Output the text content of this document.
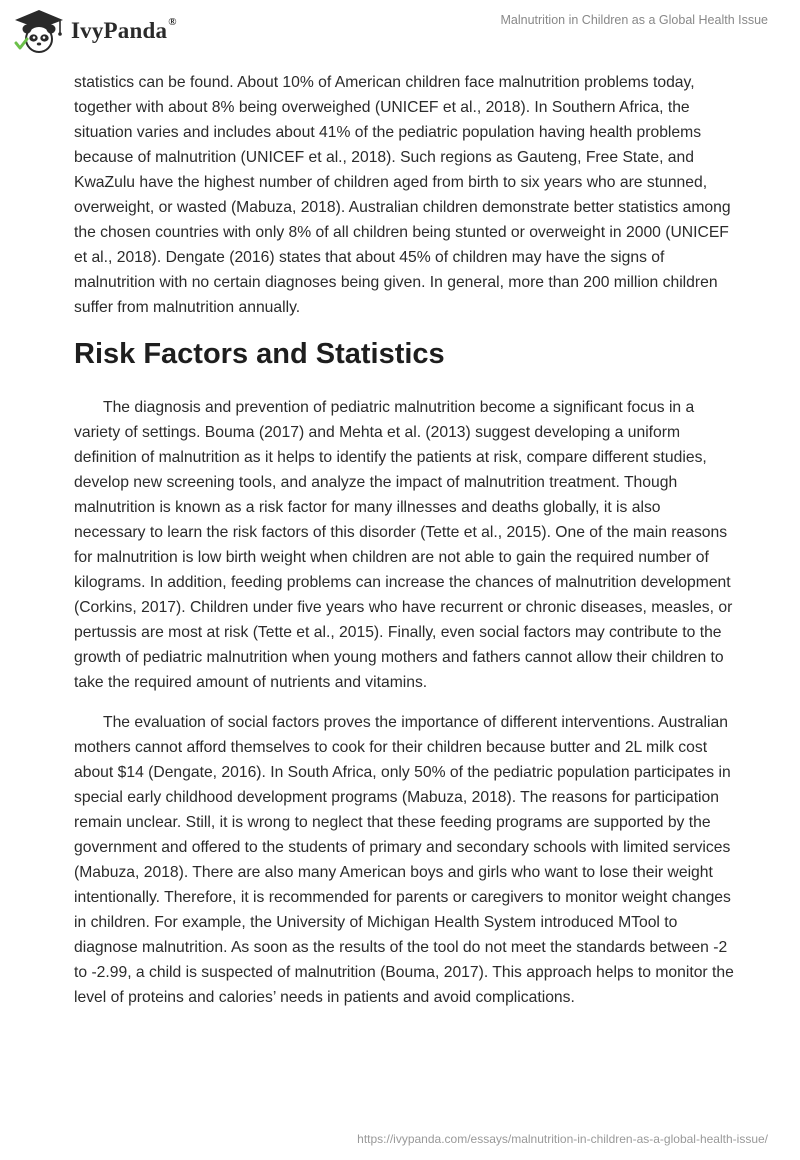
IvyPanda®	Malnutrition in Children as a Global Health Issue

statistics can be found. About 10% of American children face malnutrition problems today, together with about 8% being overweighed (UNICEF et al., 2018). In Southern Africa, the situation varies and includes about 41% of the pediatric population having health problems because of malnutrition (UNICEF et al., 2018). Such regions as Gauteng, Free State, and KwaZulu have the highest number of children aged from birth to six years who are stunned, overweight, or wasted (Mabuza, 2018). Australian children demonstrate better statistics among the chosen countries with only 8% of all children being stunted or overweight in 2000 (UNICEF et al., 2018). Dengate (2016) states that about 45% of children may have the signs of malnutrition with no certain diagnoses being given. In general, more than 200 million children suffer from malnutrition annually.

Risk Factors and Statistics

The diagnosis and prevention of pediatric malnutrition become a significant focus in a variety of settings. Bouma (2017) and Mehta et al. (2013) suggest developing a uniform definition of malnutrition as it helps to identify the patients at risk, compare different studies, develop new screening tools, and analyze the impact of malnutrition treatment. Though malnutrition is known as a risk factor for many illnesses and deaths globally, it is also necessary to learn the risk factors of this disorder (Tette et al., 2015). One of the main reasons for malnutrition is low birth weight when children are not able to gain the required number of kilograms. In addition, feeding problems can increase the chances of malnutrition development (Corkins, 2017). Children under five years who have recurrent or chronic diseases, measles, or pertussis are most at risk (Tette et al., 2015). Finally, even social factors may contribute to the growth of pediatric malnutrition when young mothers and fathers cannot allow their children to take the required amount of nutrients and vitamins.

The evaluation of social factors proves the importance of different interventions. Australian mothers cannot afford themselves to cook for their children because butter and 2L milk cost about $14 (Dengate, 2016). In South Africa, only 50% of the pediatric population participates in special early childhood development programs (Mabuza, 2018). The reasons for participation remain unclear. Still, it is wrong to neglect that these feeding programs are supported by the government and offered to the students of primary and secondary schools with limited services (Mabuza, 2018). There are also many American boys and girls who want to lose their weight intentionally. Therefore, it is recommended for parents or caregivers to monitor weight changes in children. For example, the University of Michigan Health System introduced MTool to diagnose malnutrition. As soon as the results of the tool do not meet the standards between -2 to -2.99, a child is suspected of malnutrition (Bouma, 2017). This approach helps to monitor the level of proteins and calories’ needs in patients and avoid complications.

https://ivypanda.com/essays/malnutrition-in-children-as-a-global-health-issue/
